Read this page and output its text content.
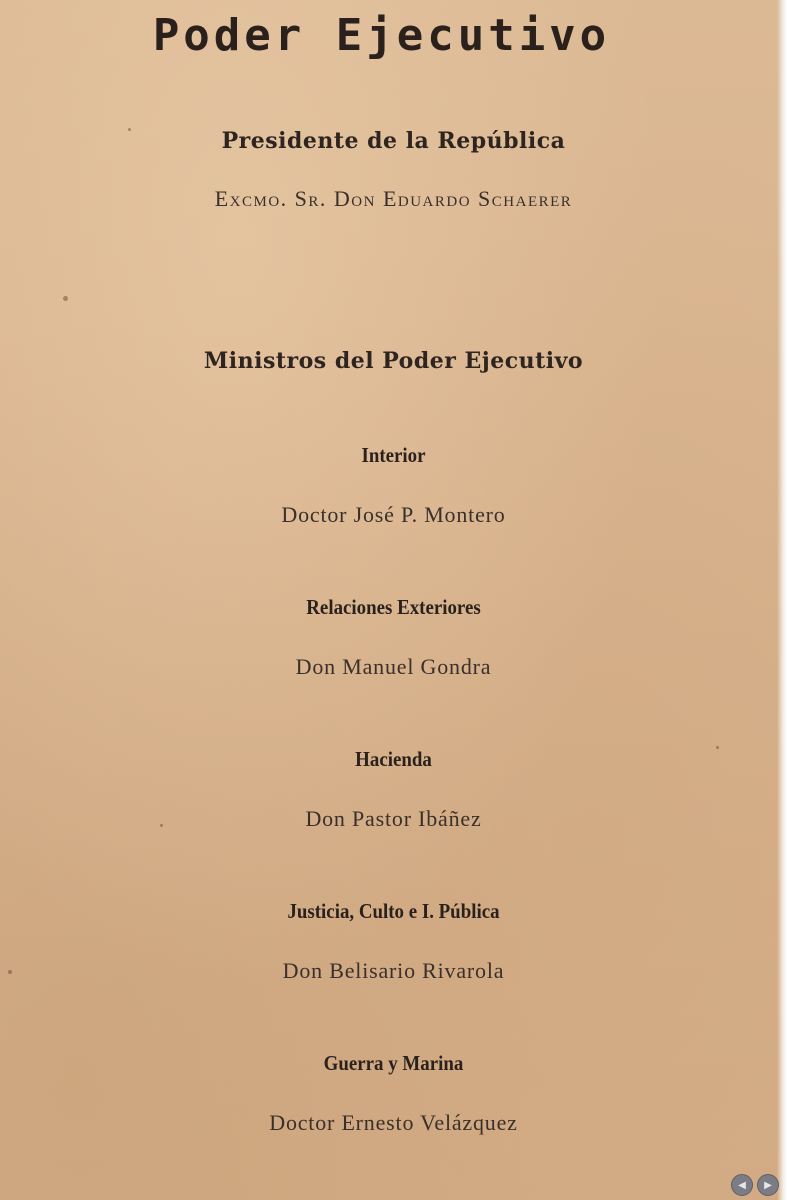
Poder Ejecutivo
Presidente de la República
Excmo. Sr. Don Eduardo Schaerer
Ministros del Poder Ejecutivo
Interior
Doctor José P. Montero
Relaciones Exteriores
Don Manuel Gondra
Hacienda
Don Pastor Ibáñez
Justicia, Culto e I. Pública
Don Belisario Rivarola
Guerra y Marina
Doctor Ernesto Velázquez
◀	▶
